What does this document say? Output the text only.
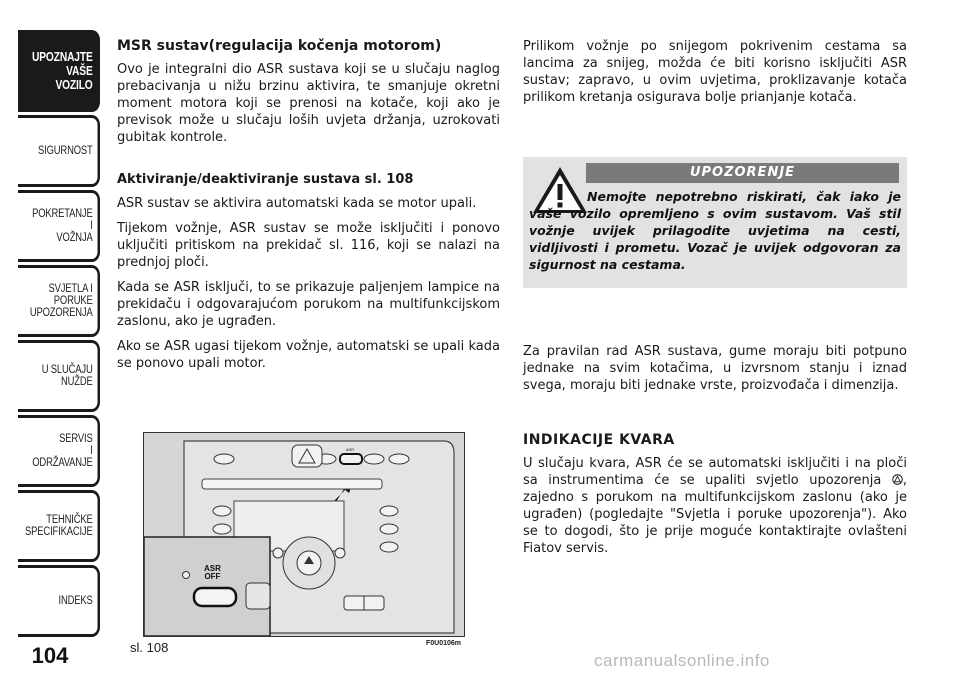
UPOZNAJTE
VAŠE
VOZILO
SIGURNOST
POKRETANJE
I
VOŽNJA
SVJETLA I
PORUKE
UPOZORENJA
U SLUČAJU
NUŽDE
SERVIS
I
ODRŽAVANJE
TEHNIČKE
SPECIFIKACIJE
INDEKS
104
MSR sustav(regulacija kočenja motorom)

Ovo je integralni dio ASR sustava koji se u slučaju naglog prebacivanja u nižu brzinu aktivira, te smanjuje okretni moment motora koji se prenosi na kotače, koji ako je previsok može u slučaju loših uvjeta držanja, uzrokovati gubitak kontrole.

Aktiviranje/deaktiviranje sustava sl. 108

ASR sustav se aktivira automatski kada se motor upali.

Tijekom vožnje, ASR sustav se može isključiti i ponovo uključiti pritiskom na prekidač sl. 116, koji se nalazi na prednjoj ploči.

Kada se ASR isključi, to se prikazuje paljenjem lampice na prekidaču i odgovarajućom porukom na multifunkcijskom zaslonu, ako je ugrađen.

Ako se ASR ugasi tijekom vožnje, automatski se upali kada se ponovo upali motor.

Prilikom vožnje po snijegom pokrivenim cestama sa lancima za snijeg, možda će biti korisno isključiti ASR sustav; zapravo, u ovim uvjetima, proklizavanje kotača prilikom kretanja osigurava bolje prianjanje kotača.

UPOZORENJE
Nemojte nepotrebno riskirati, čak iako je vaše vozilo opremljeno s ovim sustavom. Vaš stil vožnje uvijek prilagodite uvjetima na cesti, vidljivosti i prometu. Vozač je uvijek odgovoran za sigurnost na cestama.

Za pravilan rad ASR sustava, gume moraju biti potpuno jednake na svim kotačima, u izvrsnom stanju i iznad svega, moraju biti jednake vrste, proizvođača i dimenzija.

INDIKACIJE KVARA

U slučaju kvara, ASR će se automatski isključiti i na ploči sa instrumentima će se upaliti svjetlo upozorenja , zajedno s porukom na multifunkcijskom zaslonu (ako je ugrađen) (pogledajte "Svjetla i poruke upozorenja"). Ako se to dogodi, što je prije moguće kontaktirajte ovlašteni Fiatov servis.

ASR
ASR
OFF
sl. 108	F0U0106m
carmanualsonline.info
